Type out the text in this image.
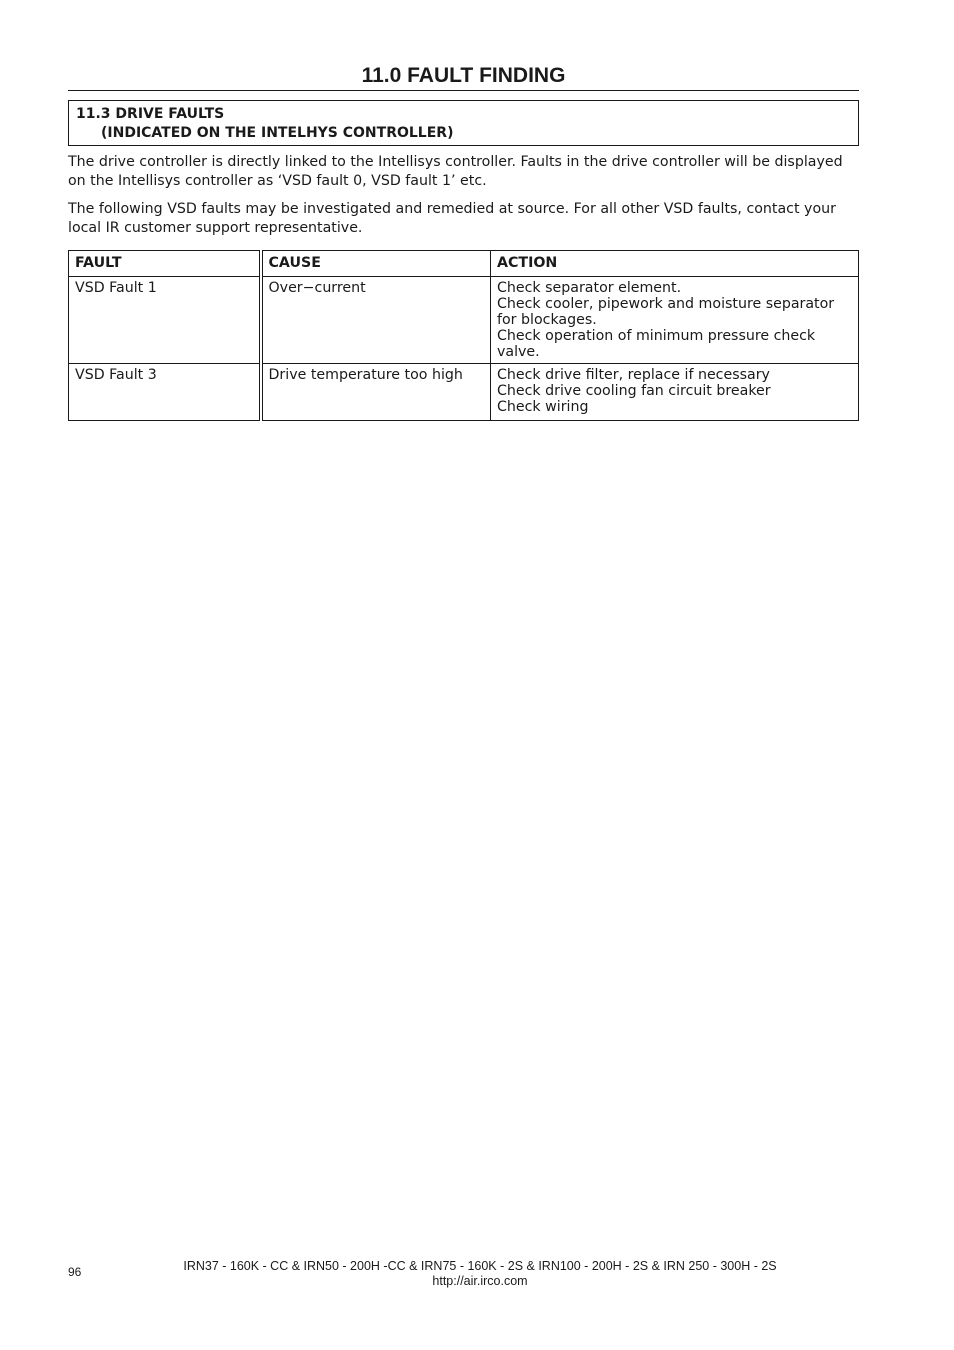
11.0 FAULT FINDING
11.3 DRIVE FAULTS
(INDICATED ON THE INTELHYS CONTROLLER)

The drive controller is directly linked to the Intellisys controller. Faults in the drive controller will be displayed on the Intellisys controller as ‘VSD fault 0, VSD fault 1’ etc.

The following VSD faults may be investigated and remedied at source. For all other VSD faults, contact your local IR customer support representative.

FAULT	CAUSE	ACTION
VSD Fault 1	Over−current	Check separator element.
Check cooler, pipework and moisture separator for blockages.
Check operation of minimum pressure check valve.

VSD Fault 3	Drive temperature too high	Check drive filter, replace if necessary
Check drive cooling fan circuit breaker
Check wiring
96	IRN37 - 160K - CC & IRN50 - 200H -CC & IRN75 - 160K - 2S & IRN100 - 200H - 2S & IRN 250 - 300H - 2S
http://air.irco.com
